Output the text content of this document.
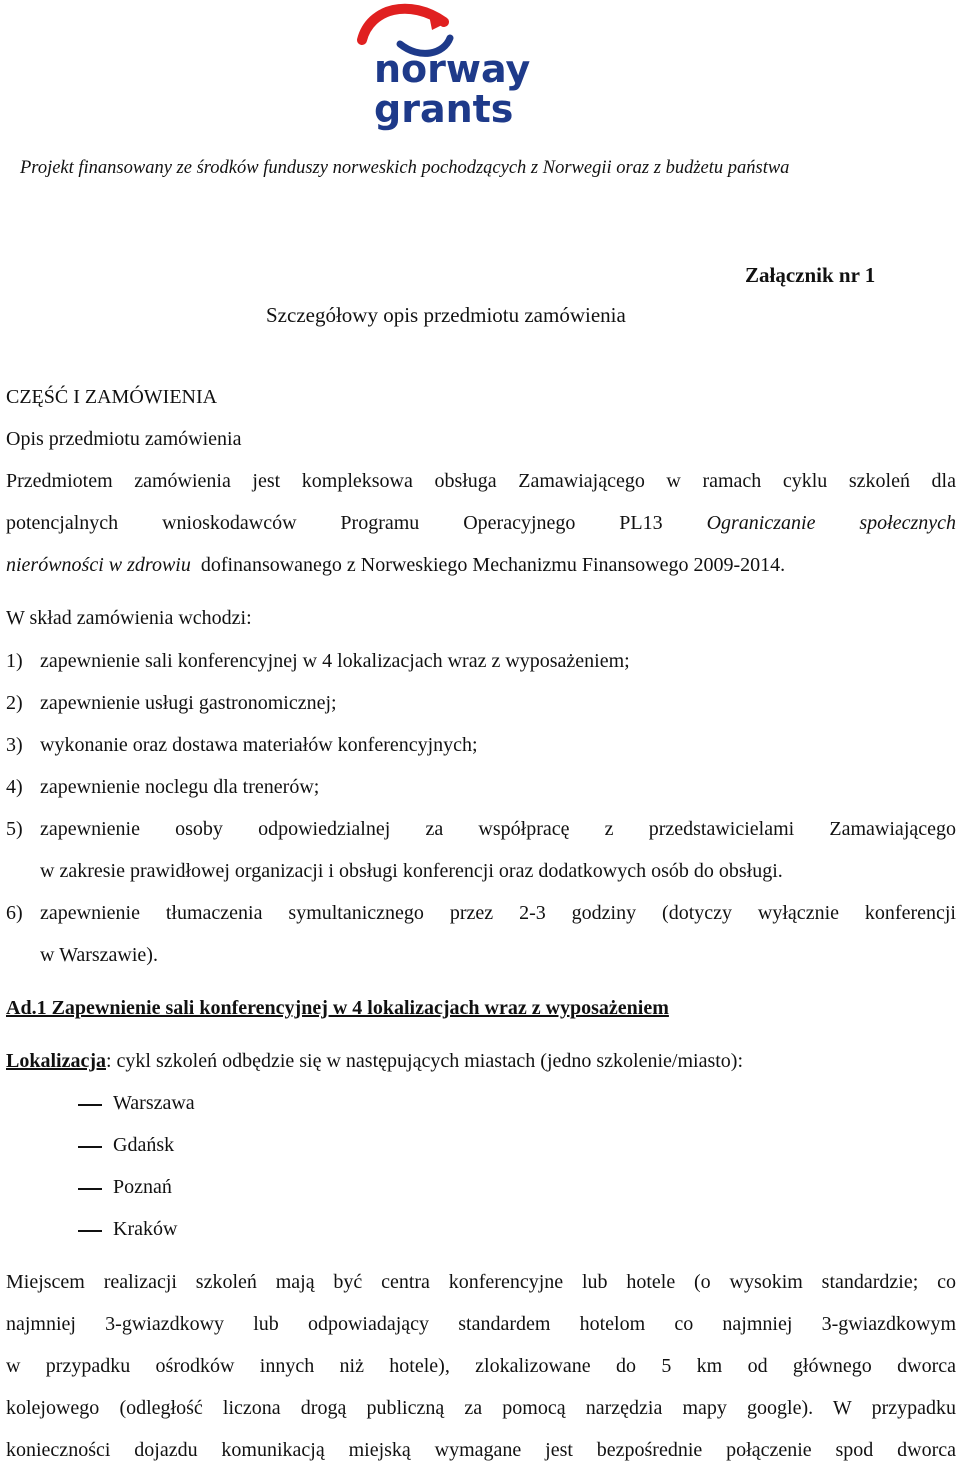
norway
grants

Projekt finansowany ze środków funduszy norweskich pochodzących z Norwegii oraz z budżetu państwa

Załącznik nr 1

Szczegółowy opis przedmiotu zamówienia

CZĘŚĆ I ZAMÓWIENIA

Opis przedmiotu zamówienia

Przedmiotem zamówienia jest kompleksowa obsługa Zamawiającego w ramach cyklu szkoleń dla

potencjalnych wnioskodawców Programu Operacyjnego PL13 Ograniczanie społecznych

nierówności w zdrowiu dofinansowanego z Norweskiego Mechanizmu Finansowego 2009-2014.

W skład zamówienia wchodzi:

1) zapewnienie sali konferencyjnej w 4 lokalizacjach wraz z wyposażeniem;

2) zapewnienie usługi gastronomicznej;

3) wykonanie oraz dostawa materiałów konferencyjnych;

4) zapewnienie noclegu dla trenerów;

5) zapewnienie osoby odpowiedzialnej za współpracę z przedstawicielami Zamawiającego

w zakresie prawidłowej organizacji i obsługi konferencji oraz dodatkowych osób do obsługi.

6) zapewnienie tłumaczenia symultanicznego przez 2-3 godziny (dotyczy wyłącznie konferencji

w Warszawie).

Ad.1 Zapewnienie sali konferencyjnej w 4 lokalizacjach wraz z wyposażeniem

Lokalizacja: cykl szkoleń odbędzie się w następujących miastach (jedno szkolenie/miasto):

Warszawa
Gdańsk
Poznań
Kraków

Miejscem realizacji szkoleń mają być centra konferencyjne lub hotele (o wysokim standardzie; co

najmniej 3-gwiazdkowy lub odpowiadający standardem hotelom co najmniej 3-gwiazdkowym

w przypadku ośrodków innych niż hotele), zlokalizowane do 5 km od głównego dworca

kolejowego (odległość liczona drogą publiczną za pomocą narzędzia mapy google). W przypadku

konieczności dojazdu komunikacją miejską wymagane jest bezpośrednie połączenie spod dworca
